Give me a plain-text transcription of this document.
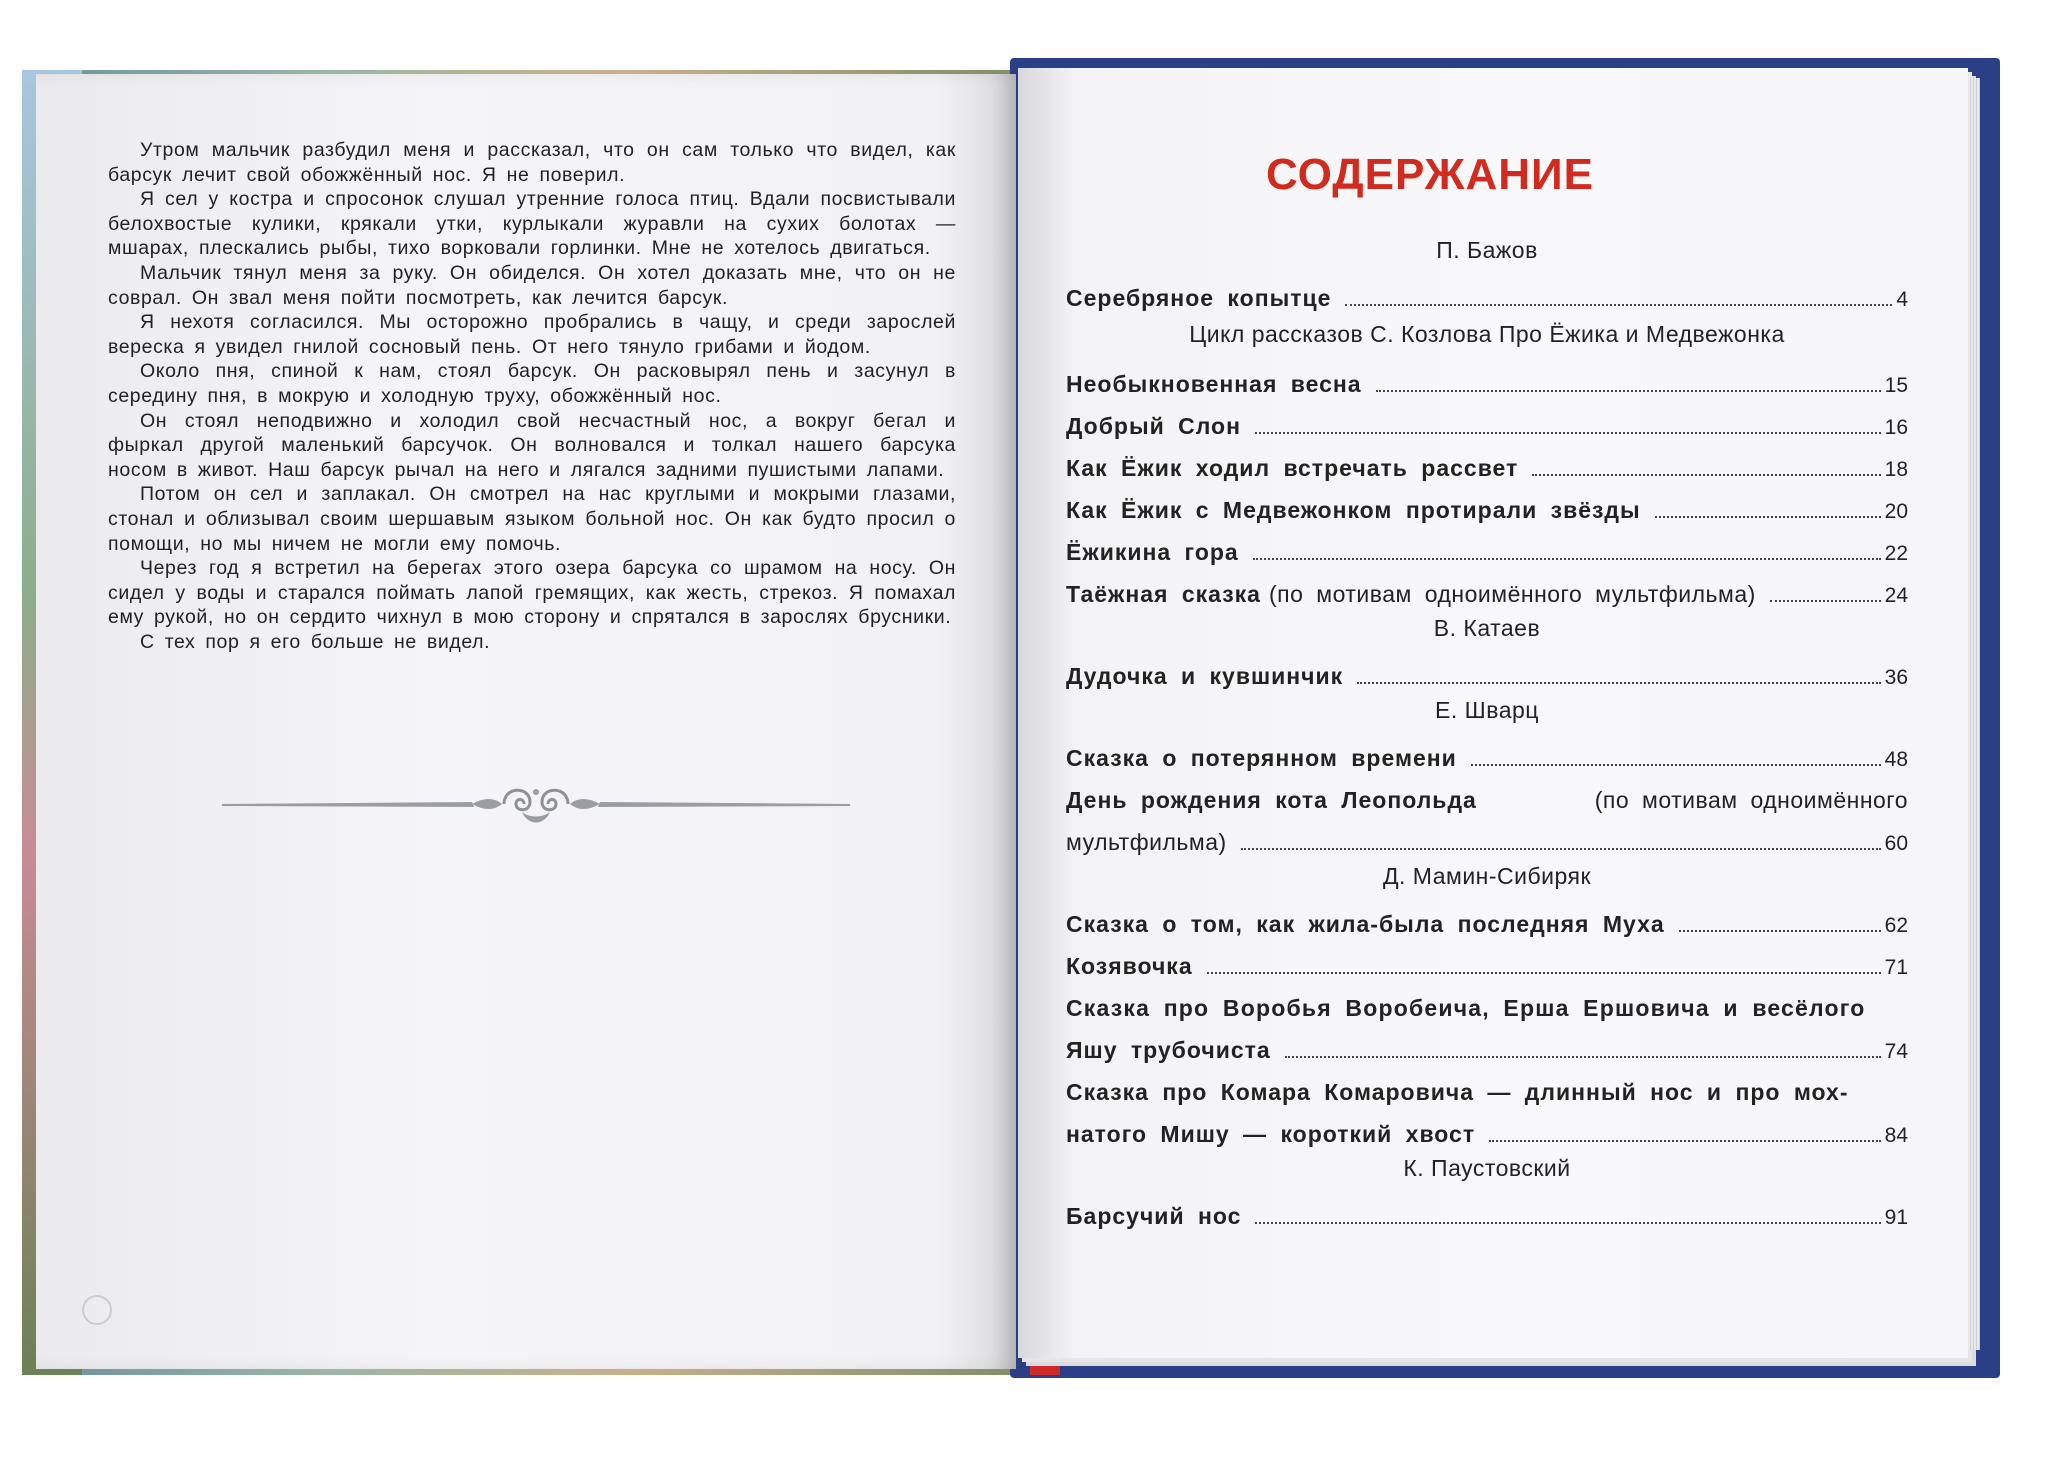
Утром мальчик разбудил меня и рассказал, что он сам только что видел, как барсук лечит свой обожжённый нос. Я не поверил.

Я сел у костра и спросонок слушал утренние голоса птиц. Вдали посвистывали белохвостые кулики, крякали утки, курлыкали журавли на сухих болотах — мшарах, плескались рыбы, тихо ворковали горлинки. Мне не хотелось двигаться.

Мальчик тянул меня за руку. Он обиделся. Он хотел доказать мне, что он не соврал. Он звал меня пойти посмотреть, как лечится барсук.

Я нехотя согласился. Мы осторожно пробрались в чащу, и среди зарослей вереска я увидел гнилой сосновый пень. От него тянуло грибами и йодом.

Около пня, спиной к нам, стоял барсук. Он расковырял пень и засунул в середину пня, в мокрую и холодную труху, обожжённый нос.

Он стоял неподвижно и холодил свой несчастный нос, а вокруг бегал и фыркал другой маленький барсучок. Он волновался и толкал нашего барсука носом в живот. Наш барсук рычал на него и лягался задними пушистыми лапами.

Потом он сел и заплакал. Он смотрел на нас круглыми и мокрыми глазами, стонал и облизывал своим шершавым языком больной нос. Он как будто просил о помощи, но мы ничем не могли ему помочь.

Через год я встретил на берегах этого озера барсука со шрамом на носу. Он сидел у воды и старался поймать лапой гремящих, как жесть, стрекоз. Я помахал ему рукой, но он сердито чихнул в мою сторону и спрятался в зарослях брусники.

С тех пор я его больше не видел.

СОДЕРЖАНИЕ
П. Бажов
Серебряное копытце	4
Цикл рассказов С. Козлова Про Ёжика и Медвежонка
Необыкновенная весна	15
Добрый Слон	16
Как Ёжик ходил встречать рассвет	18
Как Ёжик с Медвежонком протирали звёзды	20
Ёжикина гора	22
Таёжная сказка (по мотивам одноимённого мультфильма)	24
В. Катаев
Дудочка и кувшинчик	36
Е. Шварц
Сказка о потерянном времени	48
День рождения кота Леопольда	(по мотивам одноимённого
мультфильма)	60
Д. Мамин-Сибиряк
Сказка о том, как жила-была последняя Муха	62
Козявочка	71
Сказка про Воробья Воробеича, Ерша Ершовича и весёлого
Яшу трубочиста	74
Сказка про Комара Комаровича — длинный нос и про мох-
натого Мишу — короткий хвост	84
К. Паустовский
Барсучий нос	91
